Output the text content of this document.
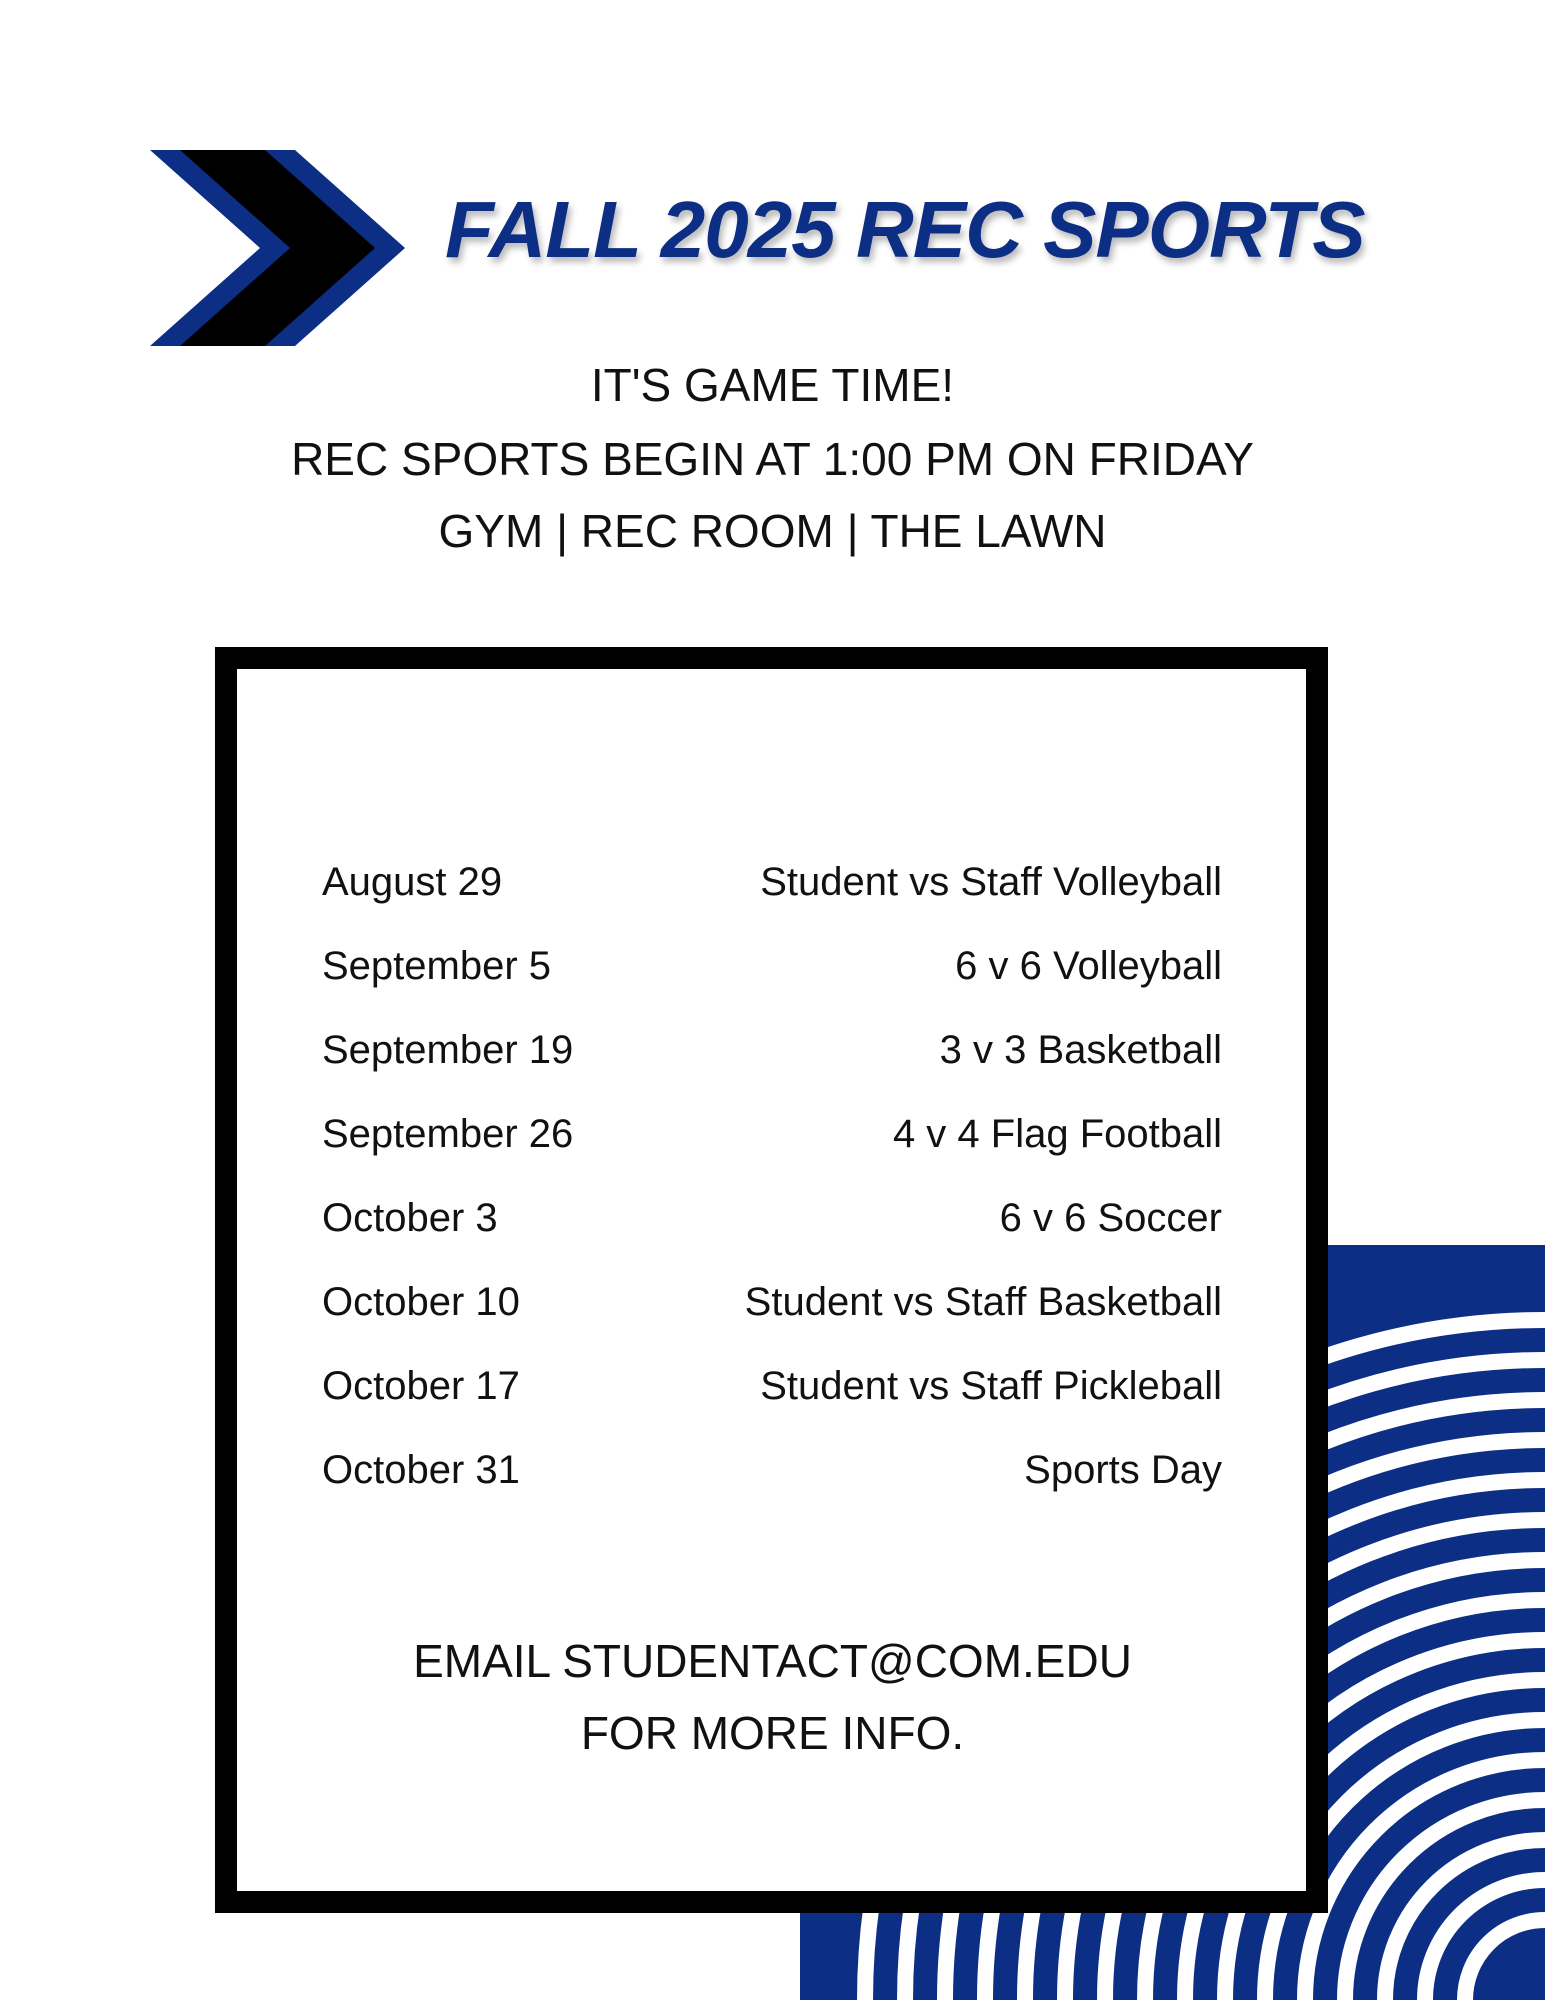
FALL 2025 REC SPORTS
IT'S GAME TIME!
REC SPORTS BEGIN AT 1:00 PM ON FRIDAY
GYM | REC ROOM | THE LAWN
August 29	Student vs Staff Volleyball
September 5	6 v 6 Volleyball
September 19	3 v 3 Basketball
September 26	4 v 4 Flag Football
October 3	6 v 6 Soccer
October 10	Student vs Staff Basketball
October 17	Student vs Staff Pickleball
October 31	Sports Day
EMAIL STUDENTACT@COM.EDU
FOR MORE INFO.
